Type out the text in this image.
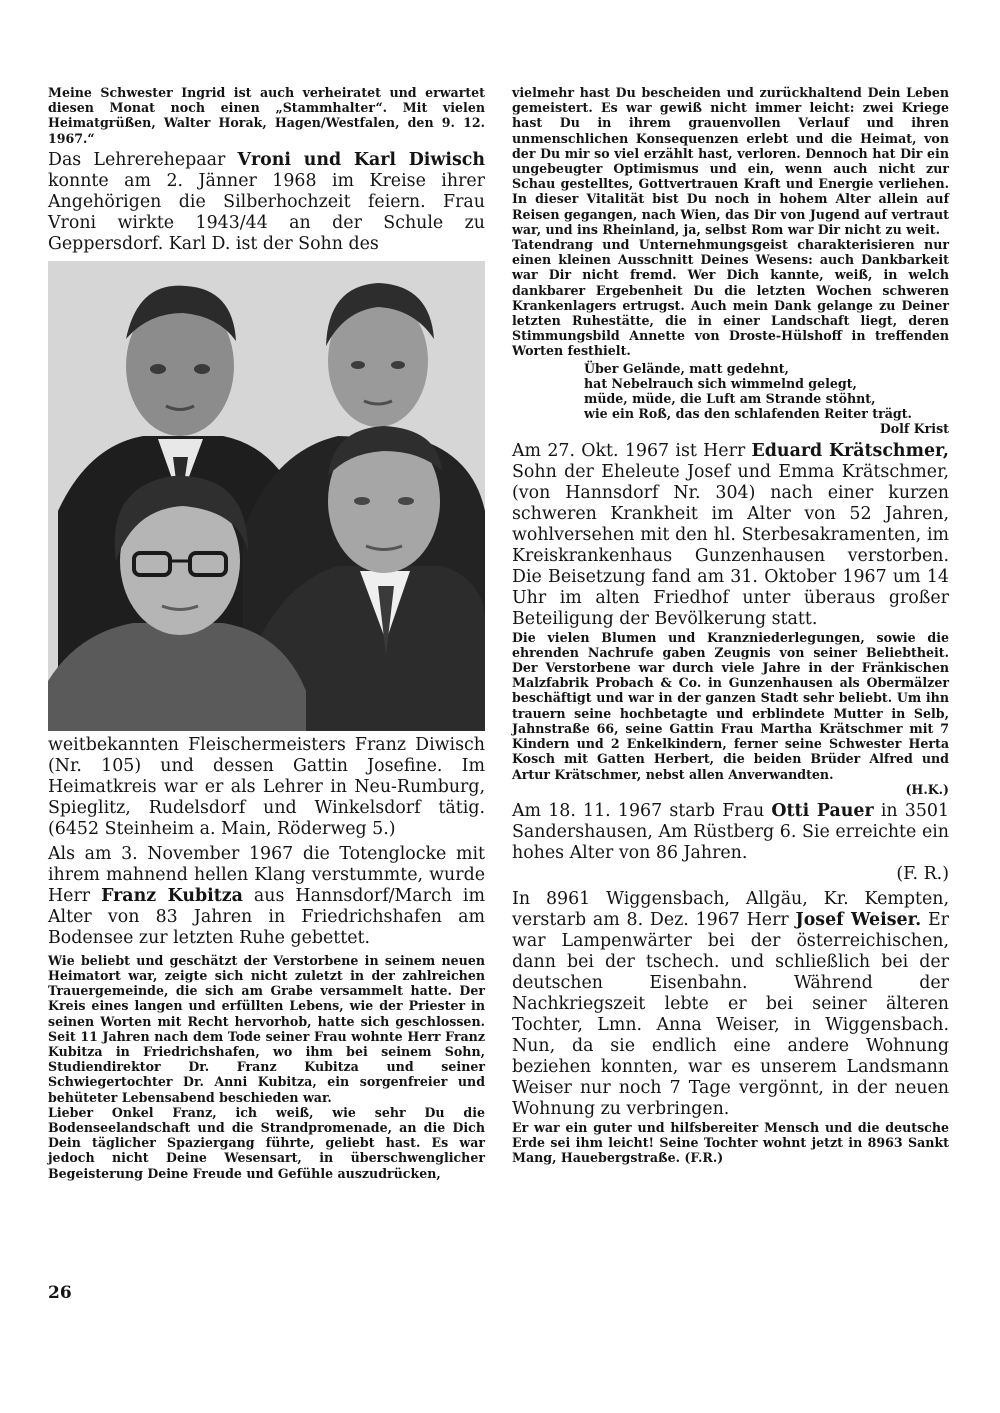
Meine Schwester Ingrid ist auch verheiratet und erwartet diesen Monat noch einen „Stammhalter“. Mit vielen Heimatgrüßen, Walter Horak, Hagen/Westfalen, den 9. 12. 1967.“

Das Lehrerehepaar Vroni und Karl Diwisch konnte am 2. Jänner 1968 im Kreise ihrer Angehörigen die Silberhochzeit feiern. Frau Vroni wirkte 1943/44 an der Schule zu Geppersdorf. Karl D. ist der Sohn des

weitbekannten Fleischermeisters Franz Diwisch (Nr. 105) und dessen Gattin Josefine. Im Heimatkreis war er als Lehrer in Neu-Rumburg, Spieglitz, Rudelsdorf und Winkelsdorf tätig. (6452 Steinheim a. Main, Röderweg 5.)

Als am 3. November 1967 die Totenglocke mit ihrem mahnend hellen Klang verstummte, wurde Herr Franz Kubitza aus Hannsdorf/March im Alter von 83 Jahren in Friedrichshafen am Bodensee zur letzten Ruhe gebettet.

Wie beliebt und geschätzt der Verstorbene in seinem neuen Heimatort war, zeigte sich nicht zuletzt in der zahlreichen Trauergemeinde, die sich am Grabe versammelt hatte. Der Kreis eines langen und erfüllten Lebens, wie der Priester in seinen Worten mit Recht hervorhob, hatte sich geschlossen. Seit 11 Jahren nach dem Tode seiner Frau wohnte Herr Franz Kubitza in Friedrichshafen, wo ihm bei seinem Sohn, Studiendirektor Dr. Franz Kubitza und seiner Schwiegertochter Dr. Anni Kubitza, ein sorgenfreier und behüteter Lebensabend beschieden war.

Lieber Onkel Franz, ich weiß, wie sehr Du die Bodenseelandschaft und die Strandpromenade, an die Dich Dein täglicher Spaziergang führte, geliebt hast. Es war jedoch nicht Deine Wesensart, in überschwenglicher Begeisterung Deine Freude und Gefühle auszudrücken,

vielmehr hast Du bescheiden und zurückhaltend Dein Leben gemeistert. Es war gewiß nicht immer leicht: zwei Kriege hast Du in ihrem grauenvollen Verlauf und ihren unmenschlichen Konsequenzen erlebt und die Heimat, von der Du mir so viel erzählt hast, verloren. Dennoch hat Dir ein ungebeugter Optimismus und ein, wenn auch nicht zur Schau gestelltes, Gottvertrauen Kraft und Energie verliehen. In dieser Vitalität bist Du noch in hohem Alter allein auf Reisen gegangen, nach Wien, das Dir von Jugend auf vertraut war, und ins Rheinland, ja, selbst Rom war Dir nicht zu weit.

Tatendrang und Unternehmungsgeist charakterisieren nur einen kleinen Ausschnitt Deines Wesens: auch Dankbarkeit war Dir nicht fremd. Wer Dich kannte, weiß, in welch dankbarer Ergebenheit Du die letzten Wochen schweren Krankenlagers ertrugst. Auch mein Dank gelange zu Deiner letzten Ruhestätte, die in einer Landschaft liegt, deren Stimmungsbild Annette von Droste-Hülshoff in treffenden Worten festhielt.

Über Gelände, matt gedehnt,
hat Nebelrauch sich wimmelnd gelegt,
müde, müde, die Luft am Strande stöhnt,
wie ein Roß, das den schlafenden Reiter trägt.

Dolf Krist

Am 27. Okt. 1967 ist Herr Eduard Krätschmer, Sohn der Eheleute Josef und Emma Krätschmer, (von Hannsdorf Nr. 304) nach einer kurzen schweren Krankheit im Alter von 52 Jahren, wohlversehen mit den hl. Sterbesakramenten, im Kreiskrankenhaus Gunzenhausen verstorben. Die Beisetzung fand am 31. Oktober 1967 um 14 Uhr im alten Friedhof unter überaus großer Beteiligung der Bevölkerung statt.

Die vielen Blumen und Kranzniederlegungen, sowie die ehrenden Nachrufe gaben Zeugnis von seiner Beliebtheit. Der Verstorbene war durch viele Jahre in der Fränkischen Malzfabrik Probach & Co. in Gunzenhausen als Obermälzer beschäftigt und war in der ganzen Stadt sehr beliebt. Um ihn trauern seine hochbetagte und erblindete Mutter in Selb, Jahnstraße 66, seine Gattin Frau Martha Krätschmer mit 7 Kindern und 2 Enkelkindern, ferner seine Schwester Herta Kosch mit Gatten Herbert, die beiden Brüder Alfred und Artur Krätschmer, nebst allen Anverwandten.

(H.K.)

Am 18. 11. 1967 starb Frau Otti Pauer in 3501 Sandershausen, Am Rüstberg 6. Sie erreichte ein hohes Alter von 86 Jahren.

(F. R.)

In 8961 Wiggensbach, Allgäu, Kr. Kempten, verstarb am 8. Dez. 1967 Herr Josef Weiser. Er war Lampenwärter bei der österreichischen, dann bei der tschech. und schließlich bei der deutschen Eisenbahn. Während der Nachkriegszeit lebte er bei seiner älteren Tochter, Lmn. Anna Weiser, in Wiggensbach. Nun, da sie endlich eine andere Wohnung beziehen konnten, war es unserem Landsmann Weiser nur noch 7 Tage vergönnt, in der neuen Wohnung zu verbringen.

Er war ein guter und hilfsbereiter Mensch und die deutsche Erde sei ihm leicht! Seine Tochter wohnt jetzt in 8963 Sankt Mang, Hauebergstraße. (F.R.)

26
